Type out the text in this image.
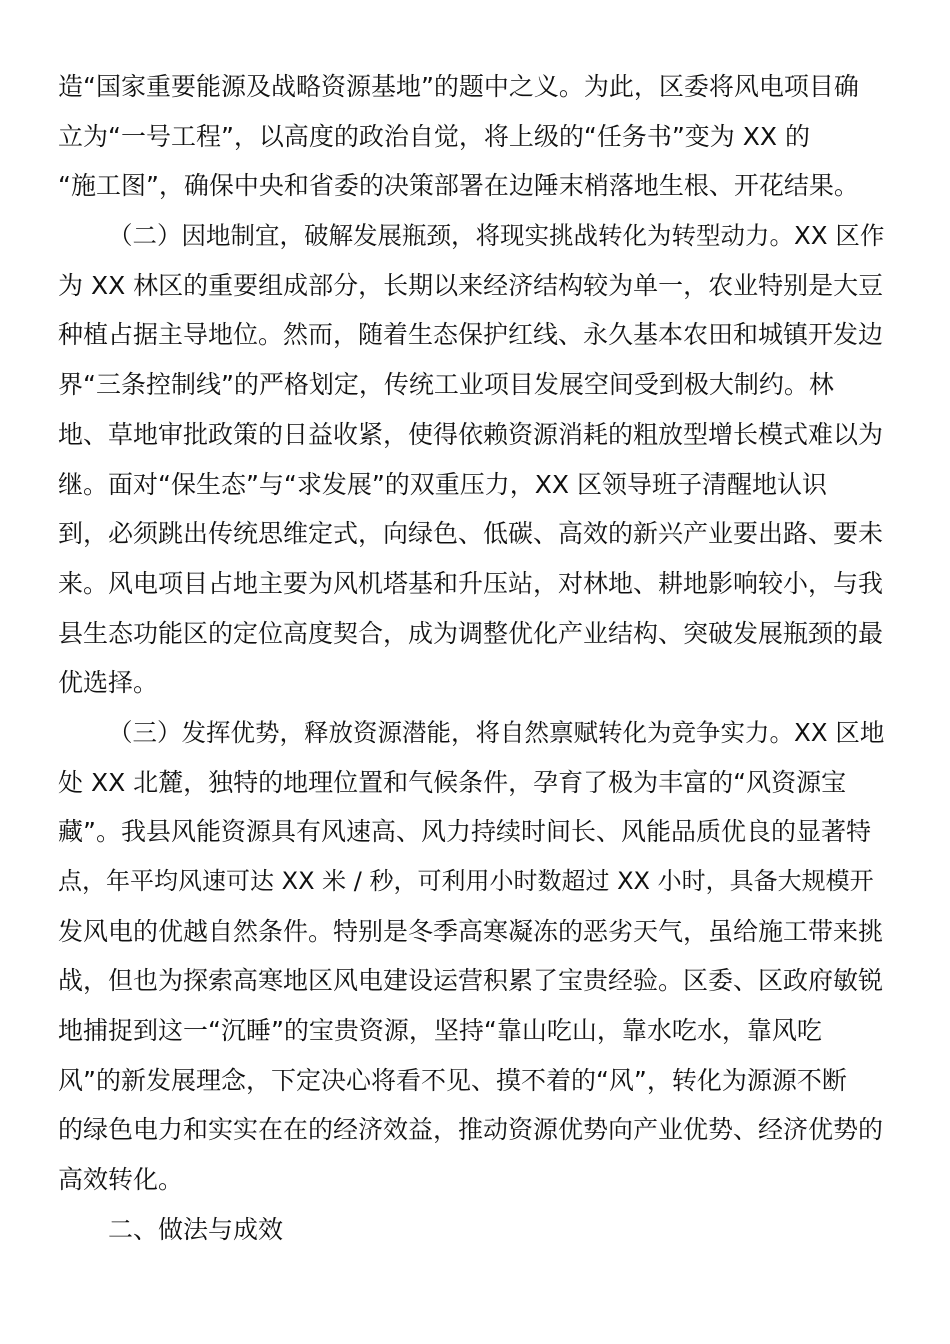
造“国家重要能源及战略资源基地”的题中之义。为此，区委将风电项目确
立为“一号工程”，以高度的政治自觉，将上级的“任务书”变为 XX 的
“施工图”，确保中央和省委的决策部署在边陲末梢落地生根、开花结果。
（二）因地制宜，破解发展瓶颈，将现实挑战转化为转型动力。XX 区作
为 XX 林区的重要组成部分，长期以来经济结构较为单一，农业特别是大豆
种植占据主导地位。然而，随着生态保护红线、永久基本农田和城镇开发边
界“三条控制线”的严格划定，传统工业项目发展空间受到极大制约。林
地、草地审批政策的日益收紧，使得依赖资源消耗的粗放型增长模式难以为
继。面对“保生态”与“求发展”的双重压力，XX 区领导班子清醒地认识
到，必须跳出传统思维定式，向绿色、低碳、高效的新兴产业要出路、要未
来。风电项目占地主要为风机塔基和升压站，对林地、耕地影响较小，与我
县生态功能区的定位高度契合，成为调整优化产业结构、突破发展瓶颈的最
优选择。
（三）发挥优势，释放资源潜能，将自然禀赋转化为竞争实力。XX 区地
处 XX 北麓，独特的地理位置和气候条件，孕育了极为丰富的“风资源宝
藏”。我县风能资源具有风速高、风力持续时间长、风能品质优良的显著特
点，年平均风速可达 XX 米 / 秒，可利用小时数超过 XX 小时，具备大规模开
发风电的优越自然条件。特别是冬季高寒凝冻的恶劣天气，虽给施工带来挑
战，但也为探索高寒地区风电建设运营积累了宝贵经验。区委、区政府敏锐
地捕捉到这一“沉睡”的宝贵资源，坚持“靠山吃山，靠水吃水，靠风吃
风”的新发展理念，下定决心将看不见、摸不着的“风”，转化为源源不断
的绿色电力和实实在在的经济效益，推动资源优势向产业优势、经济优势的
高效转化。
二、做法与成效
